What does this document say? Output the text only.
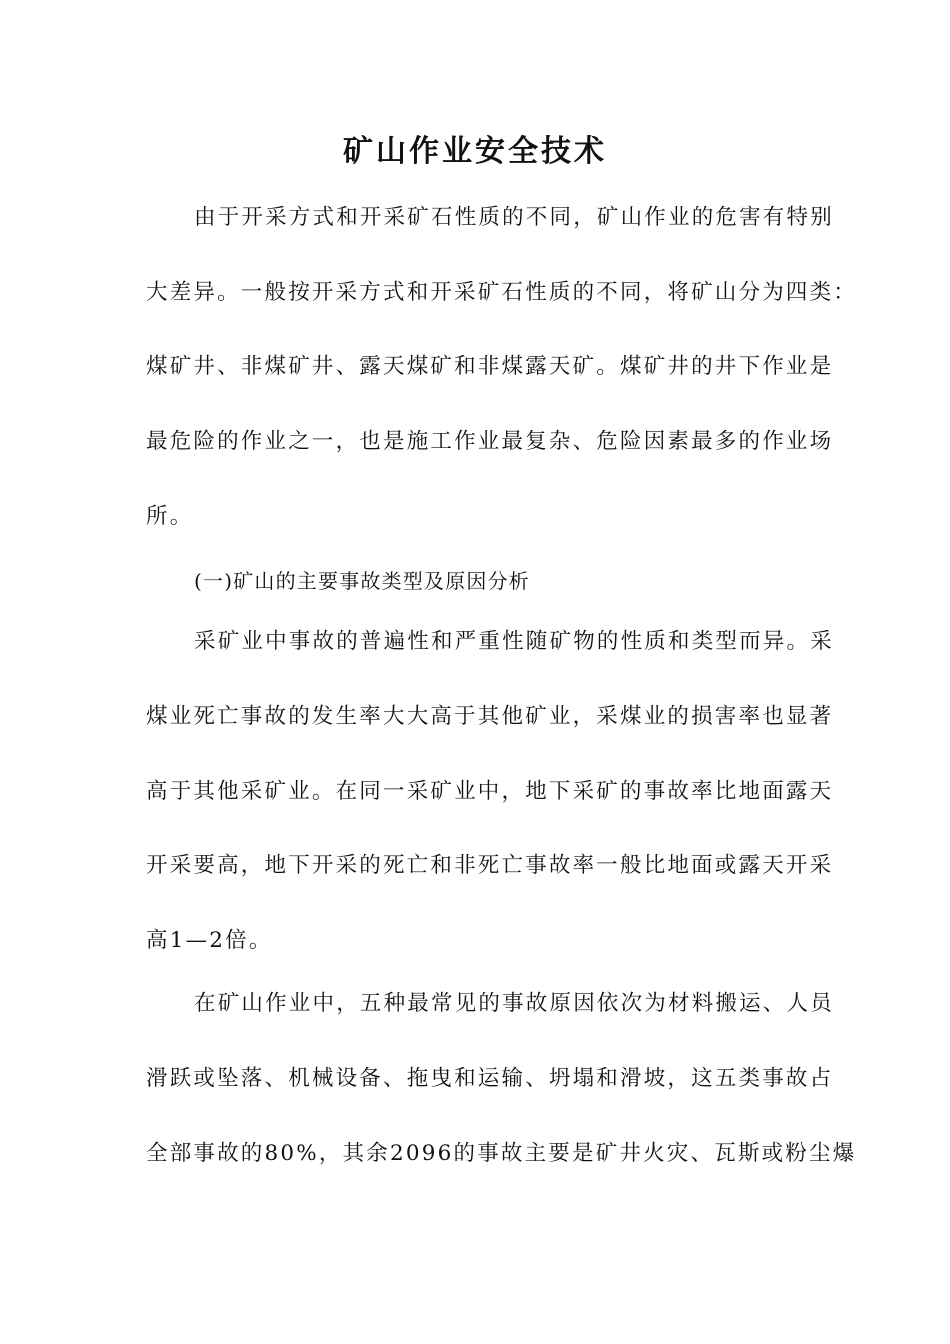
矿山作业安全技术
由于开采方式和开采矿石性质的不同，矿山作业的危害有特别
大差异。一般按开采方式和开采矿石性质的不同，将矿山分为四类：
煤矿井、非煤矿井、露天煤矿和非煤露天矿。煤矿井的井下作业是
最危险的作业之一，也是施工作业最复杂、危险因素最多的作业场
所。
(一)矿山的主要事故类型及原因分析
采矿业中事故的普遍性和严重性随矿物的性质和类型而异。采
煤业死亡事故的发生率大大高于其他矿业，采煤业的损害率也显著
高于其他采矿业。在同一采矿业中，地下采矿的事故率比地面露天
开采要高，地下开采的死亡和非死亡事故率一般比地面或露天开采
高1—2倍。
在矿山作业中，五种最常见的事故原因依次为材料搬运、人员
滑跃或坠落、机械设备、拖曳和运输、坍塌和滑坡，这五类事故占
全部事故的80%，其余2096的事故主要是矿井火灾、瓦斯或粉尘爆
